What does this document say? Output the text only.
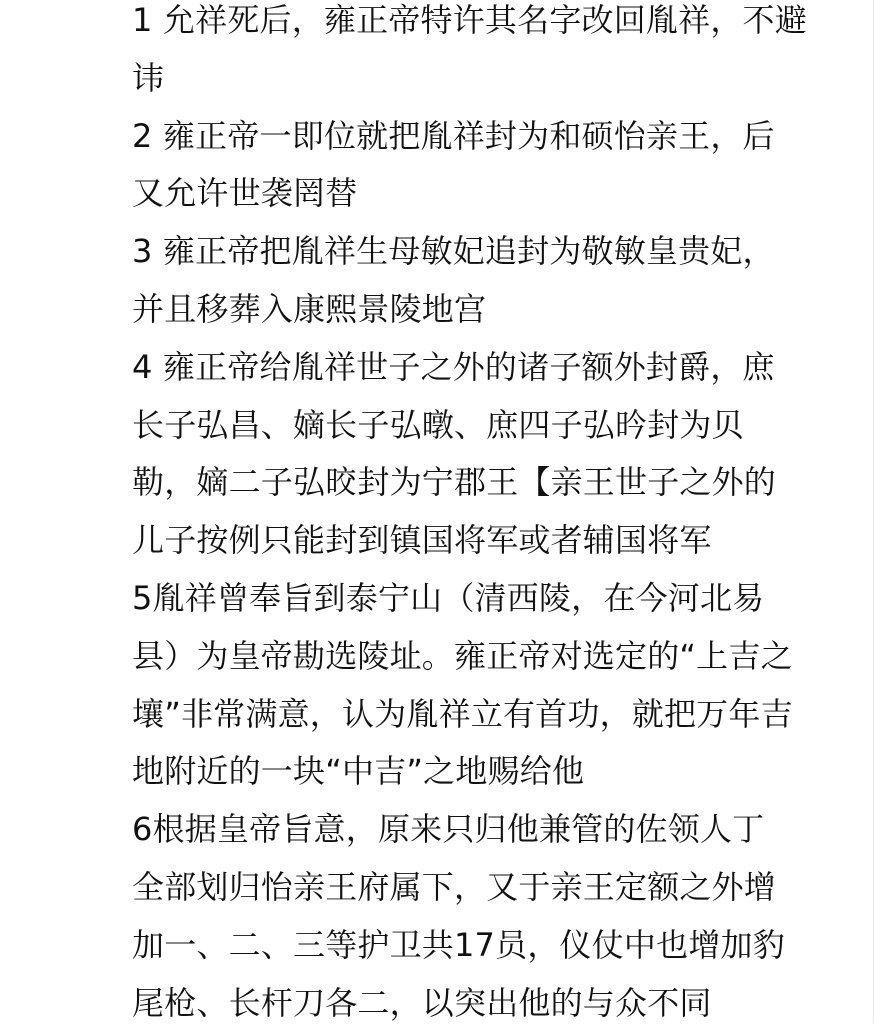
1 允祥死后，雍正帝特许其名字改回胤祥，不避
讳
2 雍正帝一即位就把胤祥封为和硕怡亲王，后
又允许世袭罔替
3 雍正帝把胤祥生母敏妃追封为敬敏皇贵妃，
并且移葬入康熙景陵地宫
4 雍正帝给胤祥世子之外的诸子额外封爵，庶
长子弘昌、嫡长子弘暾、庶四子弘昑封为贝
勒，嫡二子弘晈封为宁郡王【亲王世子之外的
儿子按例只能封到镇国将军或者辅国将军
5胤祥曾奉旨到泰宁山（清西陵，在今河北易
县）为皇帝勘选陵址。雍正帝对选定的“上吉之
壤”非常满意，认为胤祥立有首功，就把万年吉
地附近的一块“中吉”之地赐给他
6根据皇帝旨意，原来只归他兼管的佐领人丁
全部划归怡亲王府属下，又于亲王定额之外增
加一、二、三等护卫共17员，仪仗中也增加豹
尾枪、长杆刀各二，以突出他的与众不同
